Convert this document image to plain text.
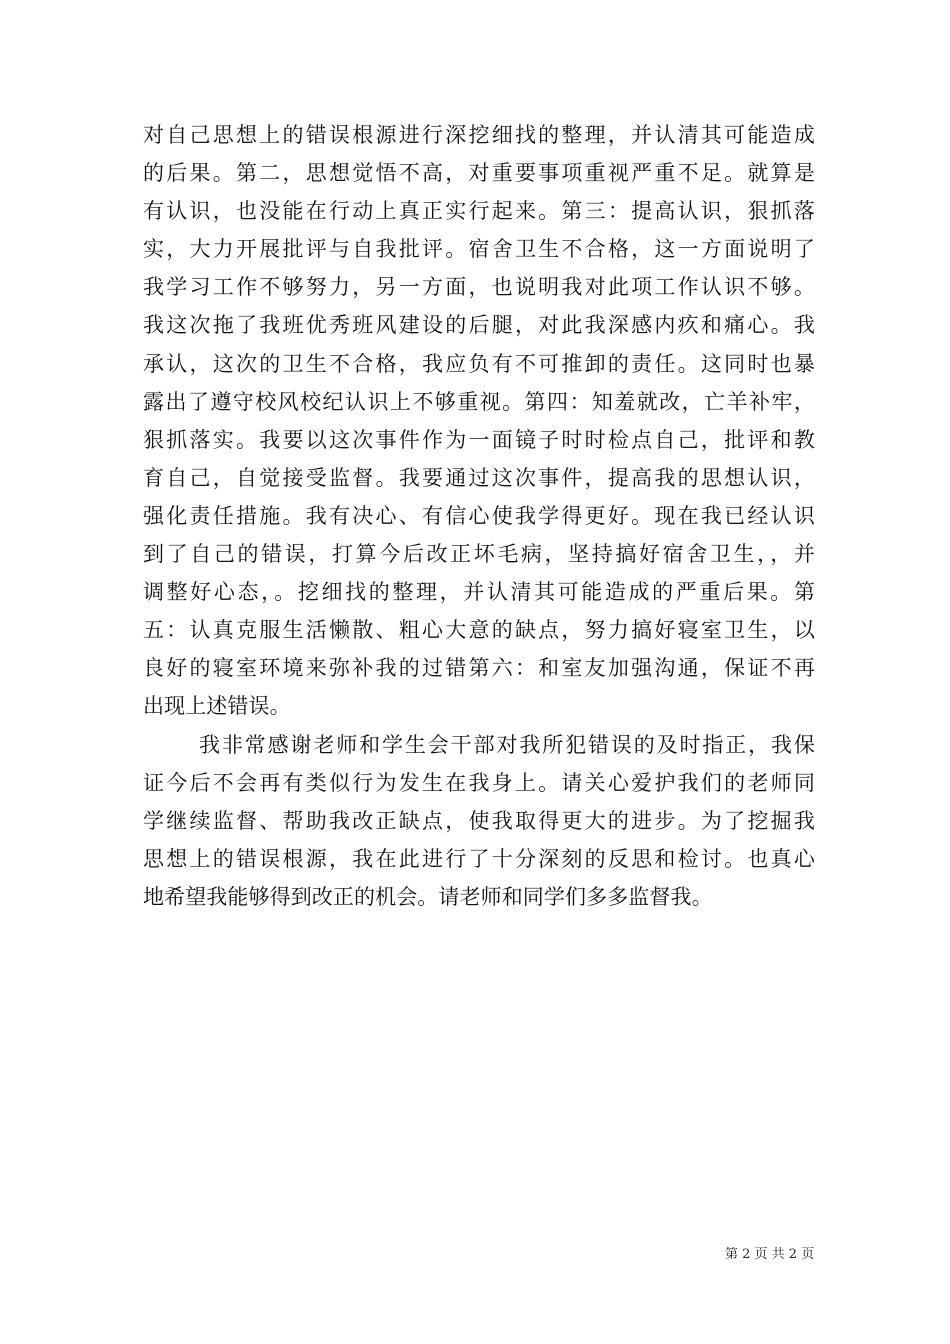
对自己思想上的错误根源进行深挖细找的整理，并认清其可能造成
的后果。第二，思想觉悟不高，对重要事项重视严重不足。就算是
有认识，也没能在行动上真正实行起来。第三：提高认识，狠抓落
实，大力开展批评与自我批评。宿舍卫生不合格，这一方面说明了
我学习工作不够努力，另一方面，也说明我对此项工作认识不够。
我这次拖了我班优秀班风建设的后腿，对此我深感内疚和痛心。我
承认，这次的卫生不合格，我应负有不可推卸的责任。这同时也暴
露出了遵守校风校纪认识上不够重视。第四：知羞就改，亡羊补牢，
狠抓落实。我要以这次事件作为一面镜子时时检点自己，批评和教
育自己，自觉接受监督。我要通过这次事件，提高我的思想认识，
强化责任措施。我有决心、有信心使我学得更好。现在我已经认识
到了自己的错误，打算今后改正坏毛病，坚持搞好宿舍卫生，，并
调整好心态，。挖细找的整理，并认清其可能造成的严重后果。第
五：认真克服生活懒散、粗心大意的缺点，努力搞好寝室卫生，以
良好的寝室环境来弥补我的过错第六：和室友加强沟通，保证不再
出现上述错误。
我非常感谢老师和学生会干部对我所犯错误的及时指正，我保
证今后不会再有类似行为发生在我身上。请关心爱护我们的老师同
学继续监督、帮助我改正缺点，使我取得更大的进步。为了挖掘我
思想上的错误根源，我在此进行了十分深刻的反思和检讨。也真心
地希望我能够得到改正的机会。请老师和同学们多多监督我。
第 2 页 共 2 页
